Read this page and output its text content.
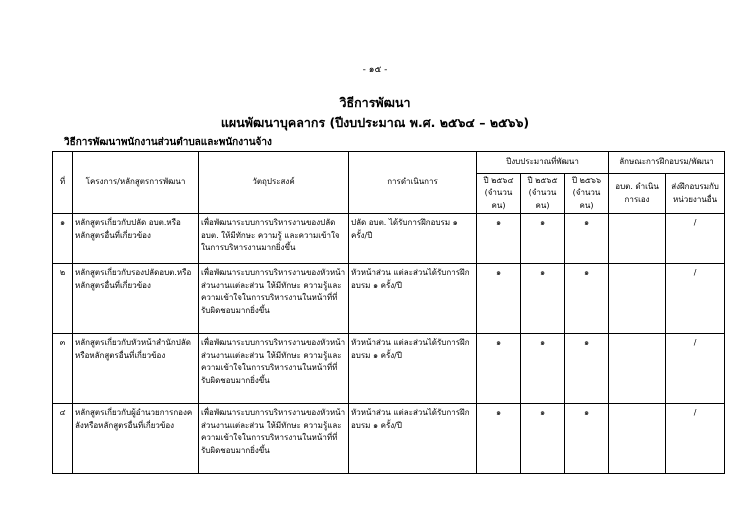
- ๑๕ -
วิธีการพัฒนา
แผนพัฒนาบุคลากร (ปีงบประมาณ พ.ศ. ๒๕๖๔ – ๒๕๖๖)
วิธีการพัฒนาพนักงานส่วนตำบลและพนักงานจ้าง
ที่	โครงการ/หลักสูตรการพัฒนา	วัตถุประสงค์	การดำเนินการ	ปีงบประมาณที่พัฒนา			ลักษณะการฝึกอบรม/พัฒนา	
				ปี ๒๕๖๔ (จำนวนคน)	ปี ๒๕๖๕ (จำนวนคน)	ปี ๒๕๖๖ (จำนวนคน)	อบต. ดำเนินการเอง	ส่งฝึกอบรมกับหน่วยงานอื่น
๑	หลักสูตรเกี่ยวกับปลัด อบต.หรือหลักสูตรอื่นที่เกี่ยวข้อง	เพื่อพัฒนาระบบการบริหารงานของปลัด อบต. ให้มีทักษะ ความรู้ และความเข้าใจในการบริหารงานมากยิ่งขึ้น	ปลัด อบต. ได้รับการฝึกอบรม ๑ ครั้ง/ปี	๑	๑	๑		/
๒	หลักสูตรเกี่ยวกับรองปลัดอบต.หรือหลักสูตรอื่นที่เกี่ยวข้อง	เพื่อพัฒนาระบบการบริหารงานของหัวหน้าส่วนงานแต่ละส่วน ให้มีทักษะ ความรู้และความเข้าใจในการบริหารงานในหน้าที่ที่รับผิดชอบมากยิ่งขึ้น	หัวหน้าส่วน แต่ละส่วนได้รับการฝึกอบรม ๑ ครั้ง/ปี	๑	๑	๑		/
๓	หลักสูตรเกี่ยวกับหัวหน้าสำนักปลัดหรือหลักสูตรอื่นที่เกี่ยวข้อง	เพื่อพัฒนาระบบการบริหารงานของหัวหน้าส่วนงานแต่ละส่วน ให้มีทักษะ ความรู้และความเข้าใจในการบริหารงานในหน้าที่ที่รับผิดชอบมากยิ่งขึ้น	หัวหน้าส่วน แต่ละส่วนได้รับการฝึกอบรม ๑ ครั้ง/ปี	๑	๑	๑		/
๔	หลักสูตรเกี่ยวกับผู้อำนวยการกองคลังหรือหลักสูตรอื่นที่เกี่ยวข้อง	เพื่อพัฒนาระบบการบริหารงานของหัวหน้าส่วนงานแต่ละส่วน ให้มีทักษะ ความรู้และความเข้าใจในการบริหารงานในหน้าที่ที่รับผิดชอบมากยิ่งขึ้น	หัวหน้าส่วน แต่ละส่วนได้รับการฝึกอบรม ๑ ครั้ง/ปี	๑	๑	๑		/
